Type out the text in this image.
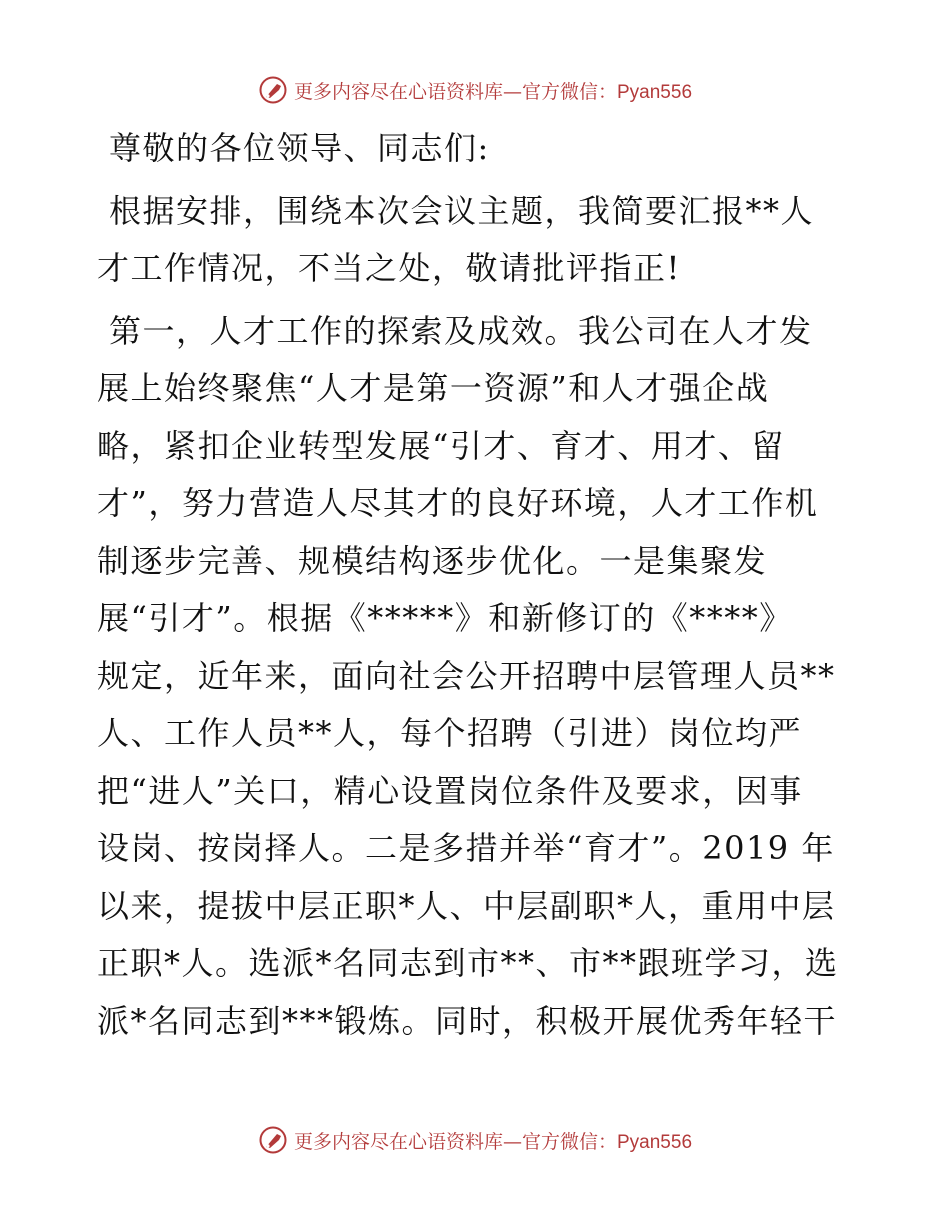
更多内容尽在心语资料库—官方微信：Pyan556
尊敬的各位领导、同志们:
根据安排，围绕本次会议主题，我简要汇报**人
才工作情况，不当之处，敬请批评指正!
第一，人才工作的探索及成效。我公司在人才发
展上始终聚焦“人才是第一资源”和人才强企战
略，紧扣企业转型发展“引才、育才、用才、留
才”，努力营造人尽其才的良好环境，人才工作机
制逐步完善、规模结构逐步优化。一是集聚发
展“引才”。根据《*****》和新修订的《****》
规定，近年来，面向社会公开招聘中层管理人员**
人、工作人员**人，每个招聘（引进）岗位均严
把“进人”关口，精心设置岗位条件及要求，因事
设岗、按岗择人。二是多措并举“育才”。2019 年
以来，提拔中层正职*人、中层副职*人，重用中层
正职*人。选派*名同志到市**、市**跟班学习，选
派*名同志到***锻炼。同时，积极开展优秀年轻干
更多内容尽在心语资料库—官方微信：Pyan556
